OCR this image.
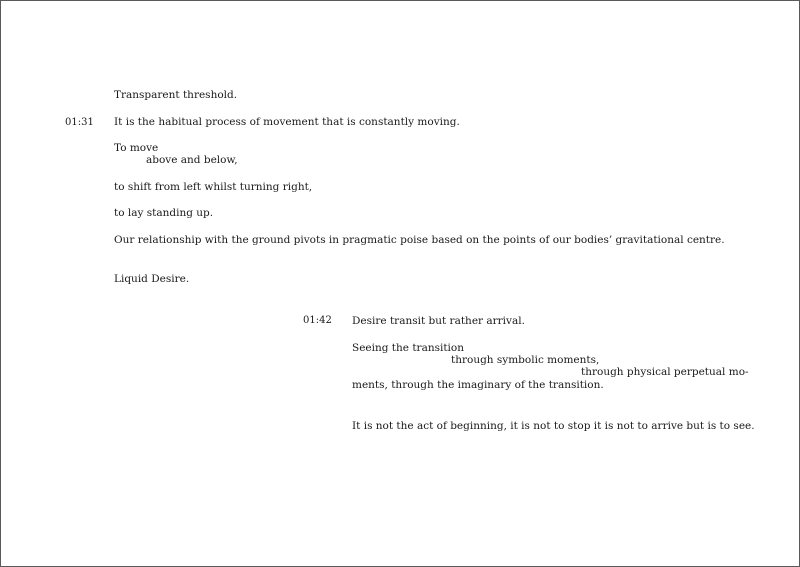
Transparent threshold.
01:31 It is the habitual process of movement that is constantly moving.
To move
above and below,
to shift from left whilst turning right,
to lay standing up.
Our relationship with the ground pivots in pragmatic poise based on the points of our bodies’ gravitational centre.
Liquid Desire.
01:42 Desire transit but rather arrival.
Seeing the transition
through symbolic moments,
through physical perpetual mo-
ments, through the imaginary of the transition.
It is not the act of beginning, it is not to stop it is not to arrive but is to see.
